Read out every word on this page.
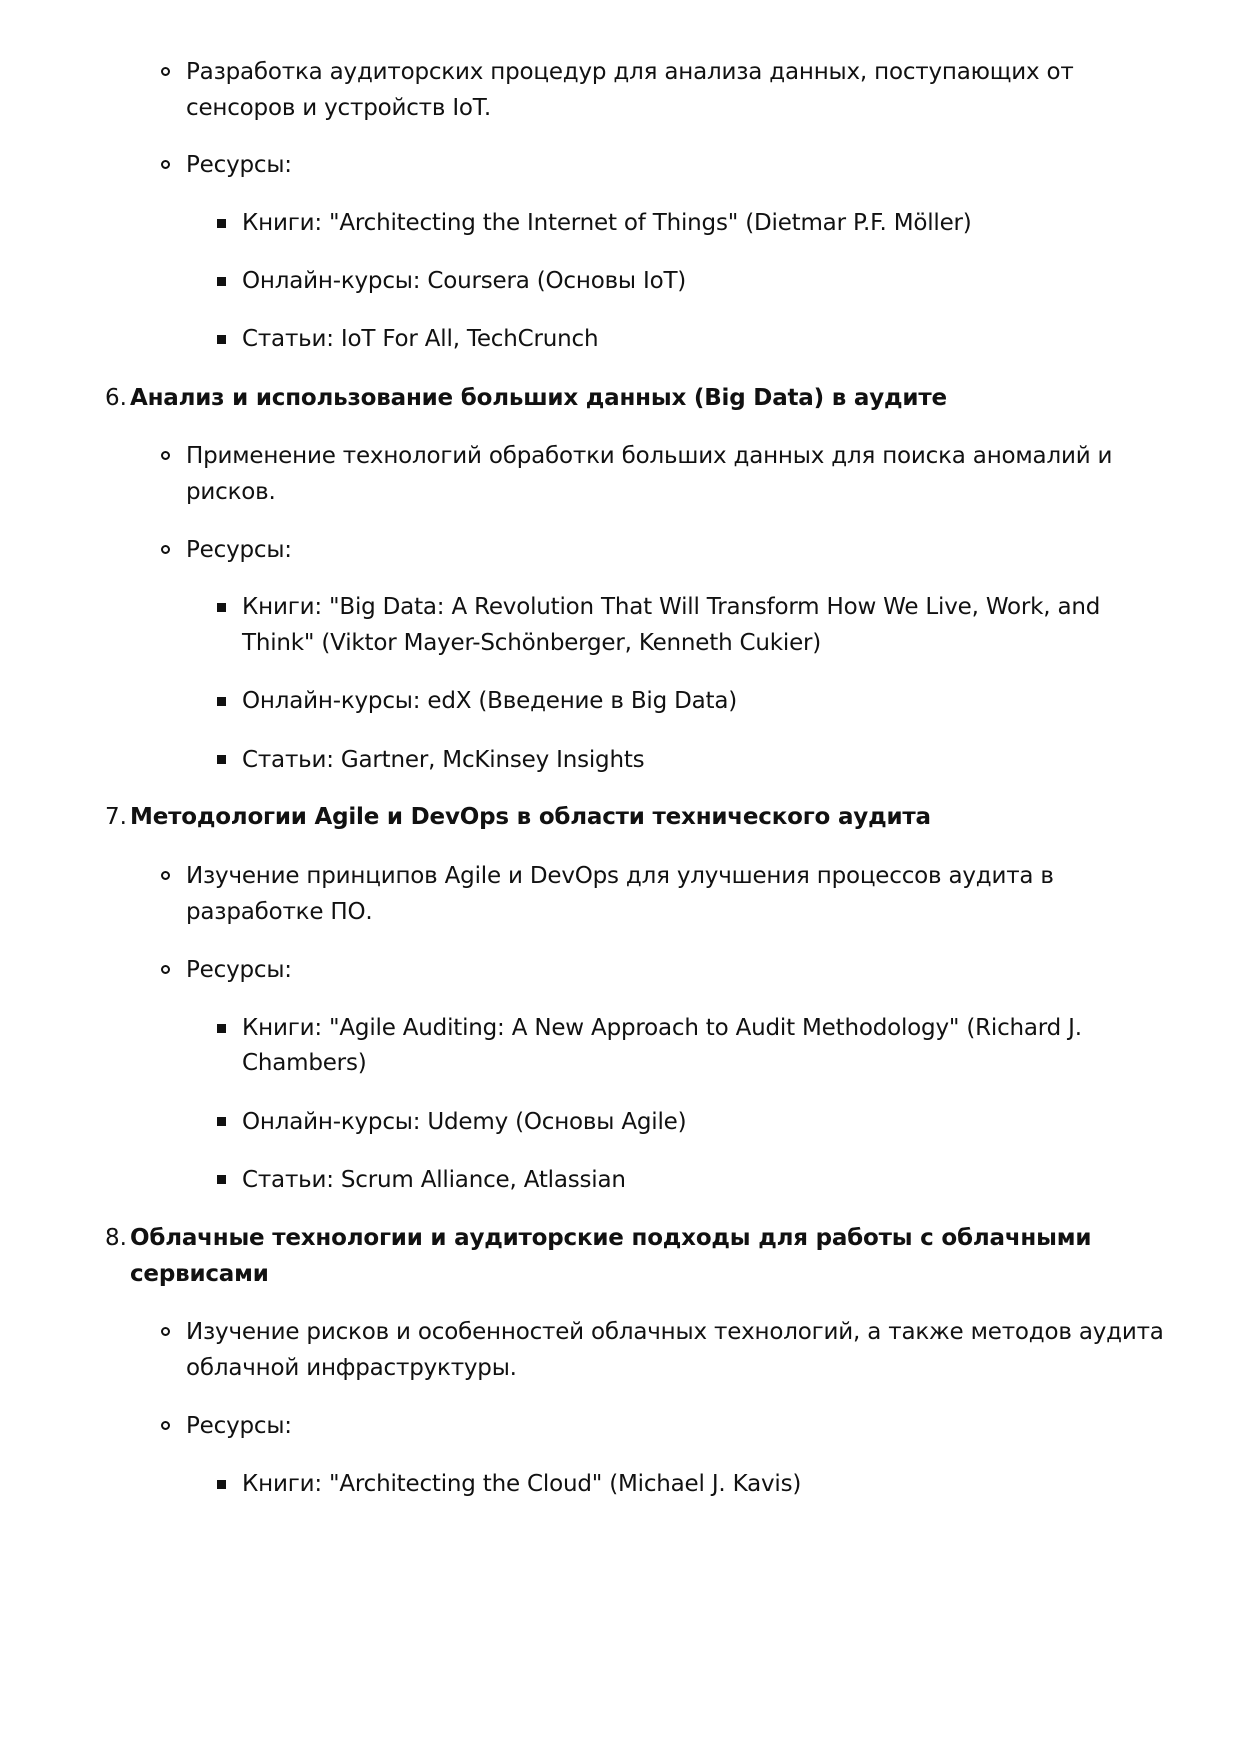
Разработка аудиторских процедур для анализа данных, поступающих от
сенсоров и устройств IoT.
Ресурсы:
Книги: "Architecting the Internet of Things" (Dietmar P.F. Möller)
Онлайн-курсы: Coursera (Основы IoT)
Статьи: IoT For All, TechCrunch
6. Анализ и использование больших данных (Big Data) в аудите
Применение технологий обработки больших данных для поиска аномалий и
рисков.
Ресурсы:
Книги: "Big Data: A Revolution That Will Transform How We Live, Work, and
Think" (Viktor Mayer-Schönberger, Kenneth Cukier)
Онлайн-курсы: edX (Введение в Big Data)
Статьи: Gartner, McKinsey Insights
7. Методологии Agile и DevOps в области технического аудита
Изучение принципов Agile и DevOps для улучшения процессов аудита в
разработке ПО.
Ресурсы:
Книги: "Agile Auditing: A New Approach to Audit Methodology" (Richard J.
Chambers)
Онлайн-курсы: Udemy (Основы Agile)
Статьи: Scrum Alliance, Atlassian
8. Облачные технологии и аудиторские подходы для работы с облачными
сервисами
Изучение рисков и особенностей облачных технологий, а также методов аудита
облачной инфраструктуры.
Ресурсы:
Книги: "Architecting the Cloud" (Michael J. Kavis)
